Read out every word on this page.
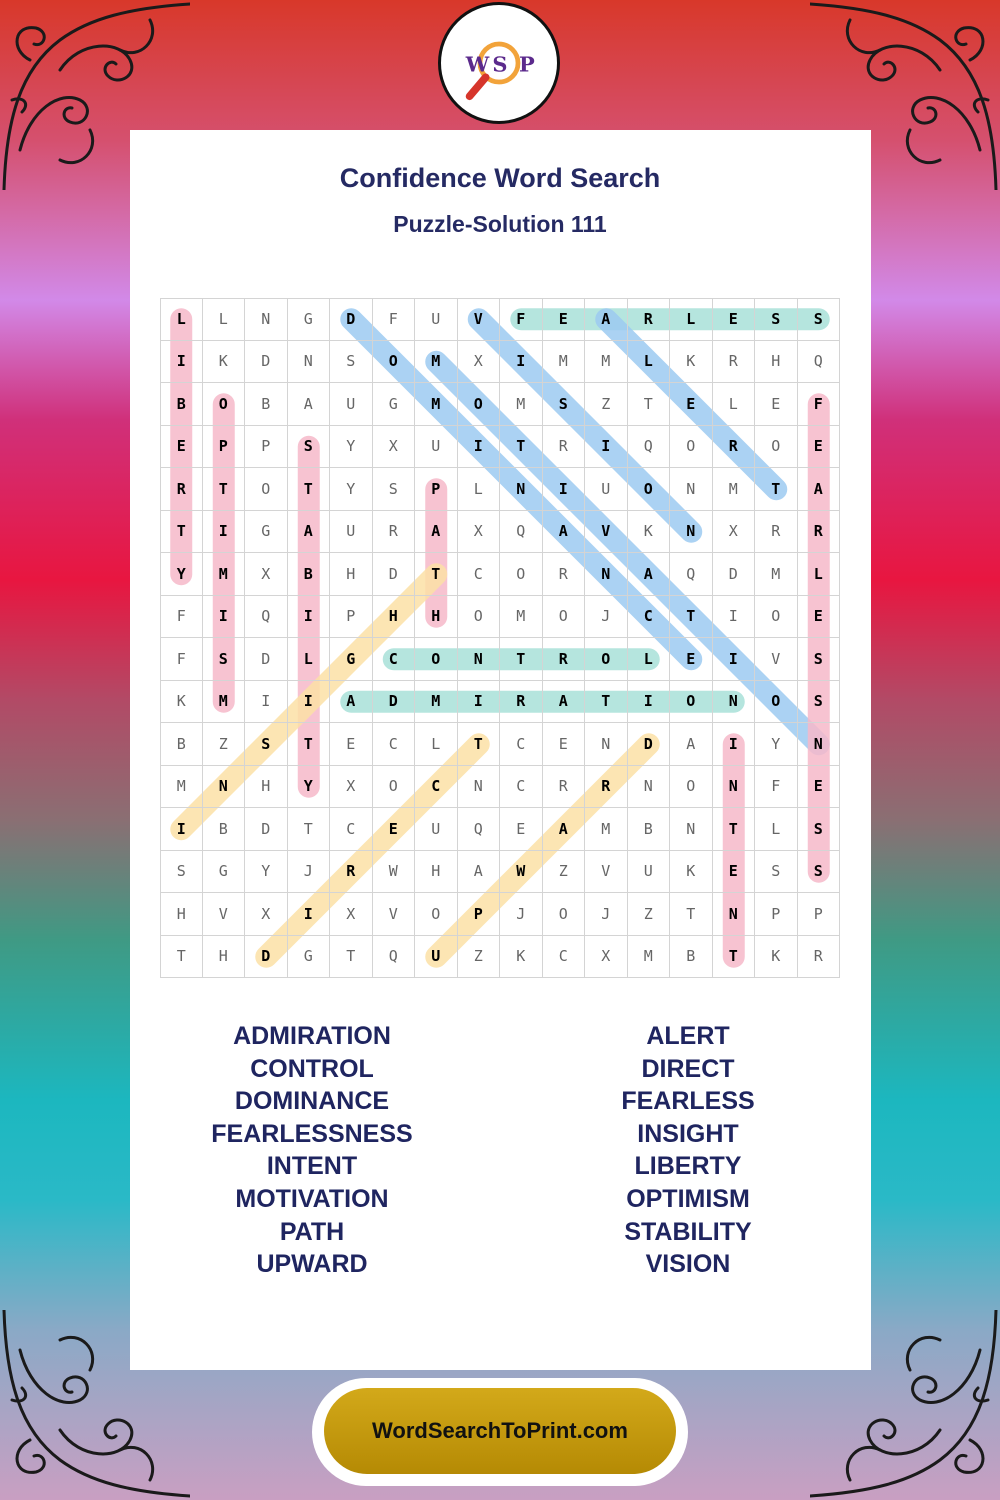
W S P
Confidence Word Search
Puzzle-Solution 111
L	L	N	G	D	F	U	V	F	E	A	R	L	E	S	S
I	K	D	N	S	O	M	X	I	M	M	L	K	R	H	Q
B	O	B	A	U	G	M	O	M	S	Z	T	E	L	E	F
E	P	P	S	Y	X	U	I	T	R	I	Q	O	R	O	E
R	T	O	T	Y	S	P	L	N	I	U	O	N	M	T	A
T	I	G	A	U	R	A	X	Q	A	V	K	N	X	R	R
Y	M	X	B	H	D	T	C	O	R	N	A	Q	D	M	L
F	I	Q	I	P	H	H	O	M	O	J	C	T	I	O	E
F	S	D	L	G	C	O	N	T	R	O	L	E	I	V	S
K	M	I	I	A	D	M	I	R	A	T	I	O	N	O	S
B	Z	S	T	E	C	L	T	C	E	N	D	A	I	Y	N
M	N	H	Y	X	O	C	N	C	R	R	N	O	N	F	E
I	B	D	T	C	E	U	Q	E	A	M	B	N	T	L	S
S	G	Y	J	R	W	H	A	W	Z	V	U	K	E	S	S
H	V	X	I	X	V	O	P	J	O	J	Z	T	N	P	P
T	H	D	G	T	Q	U	Z	K	C	X	M	B	T	K	R
ADMIRATION
CONTROL
DOMINANCE
FEARLESSNESS
INTENT
MOTIVATION
PATH
UPWARD
ALERT
DIRECT
FEARLESS
INSIGHT
LIBERTY
OPTIMISM
STABILITY
VISION
WordSearchToPrint.com
